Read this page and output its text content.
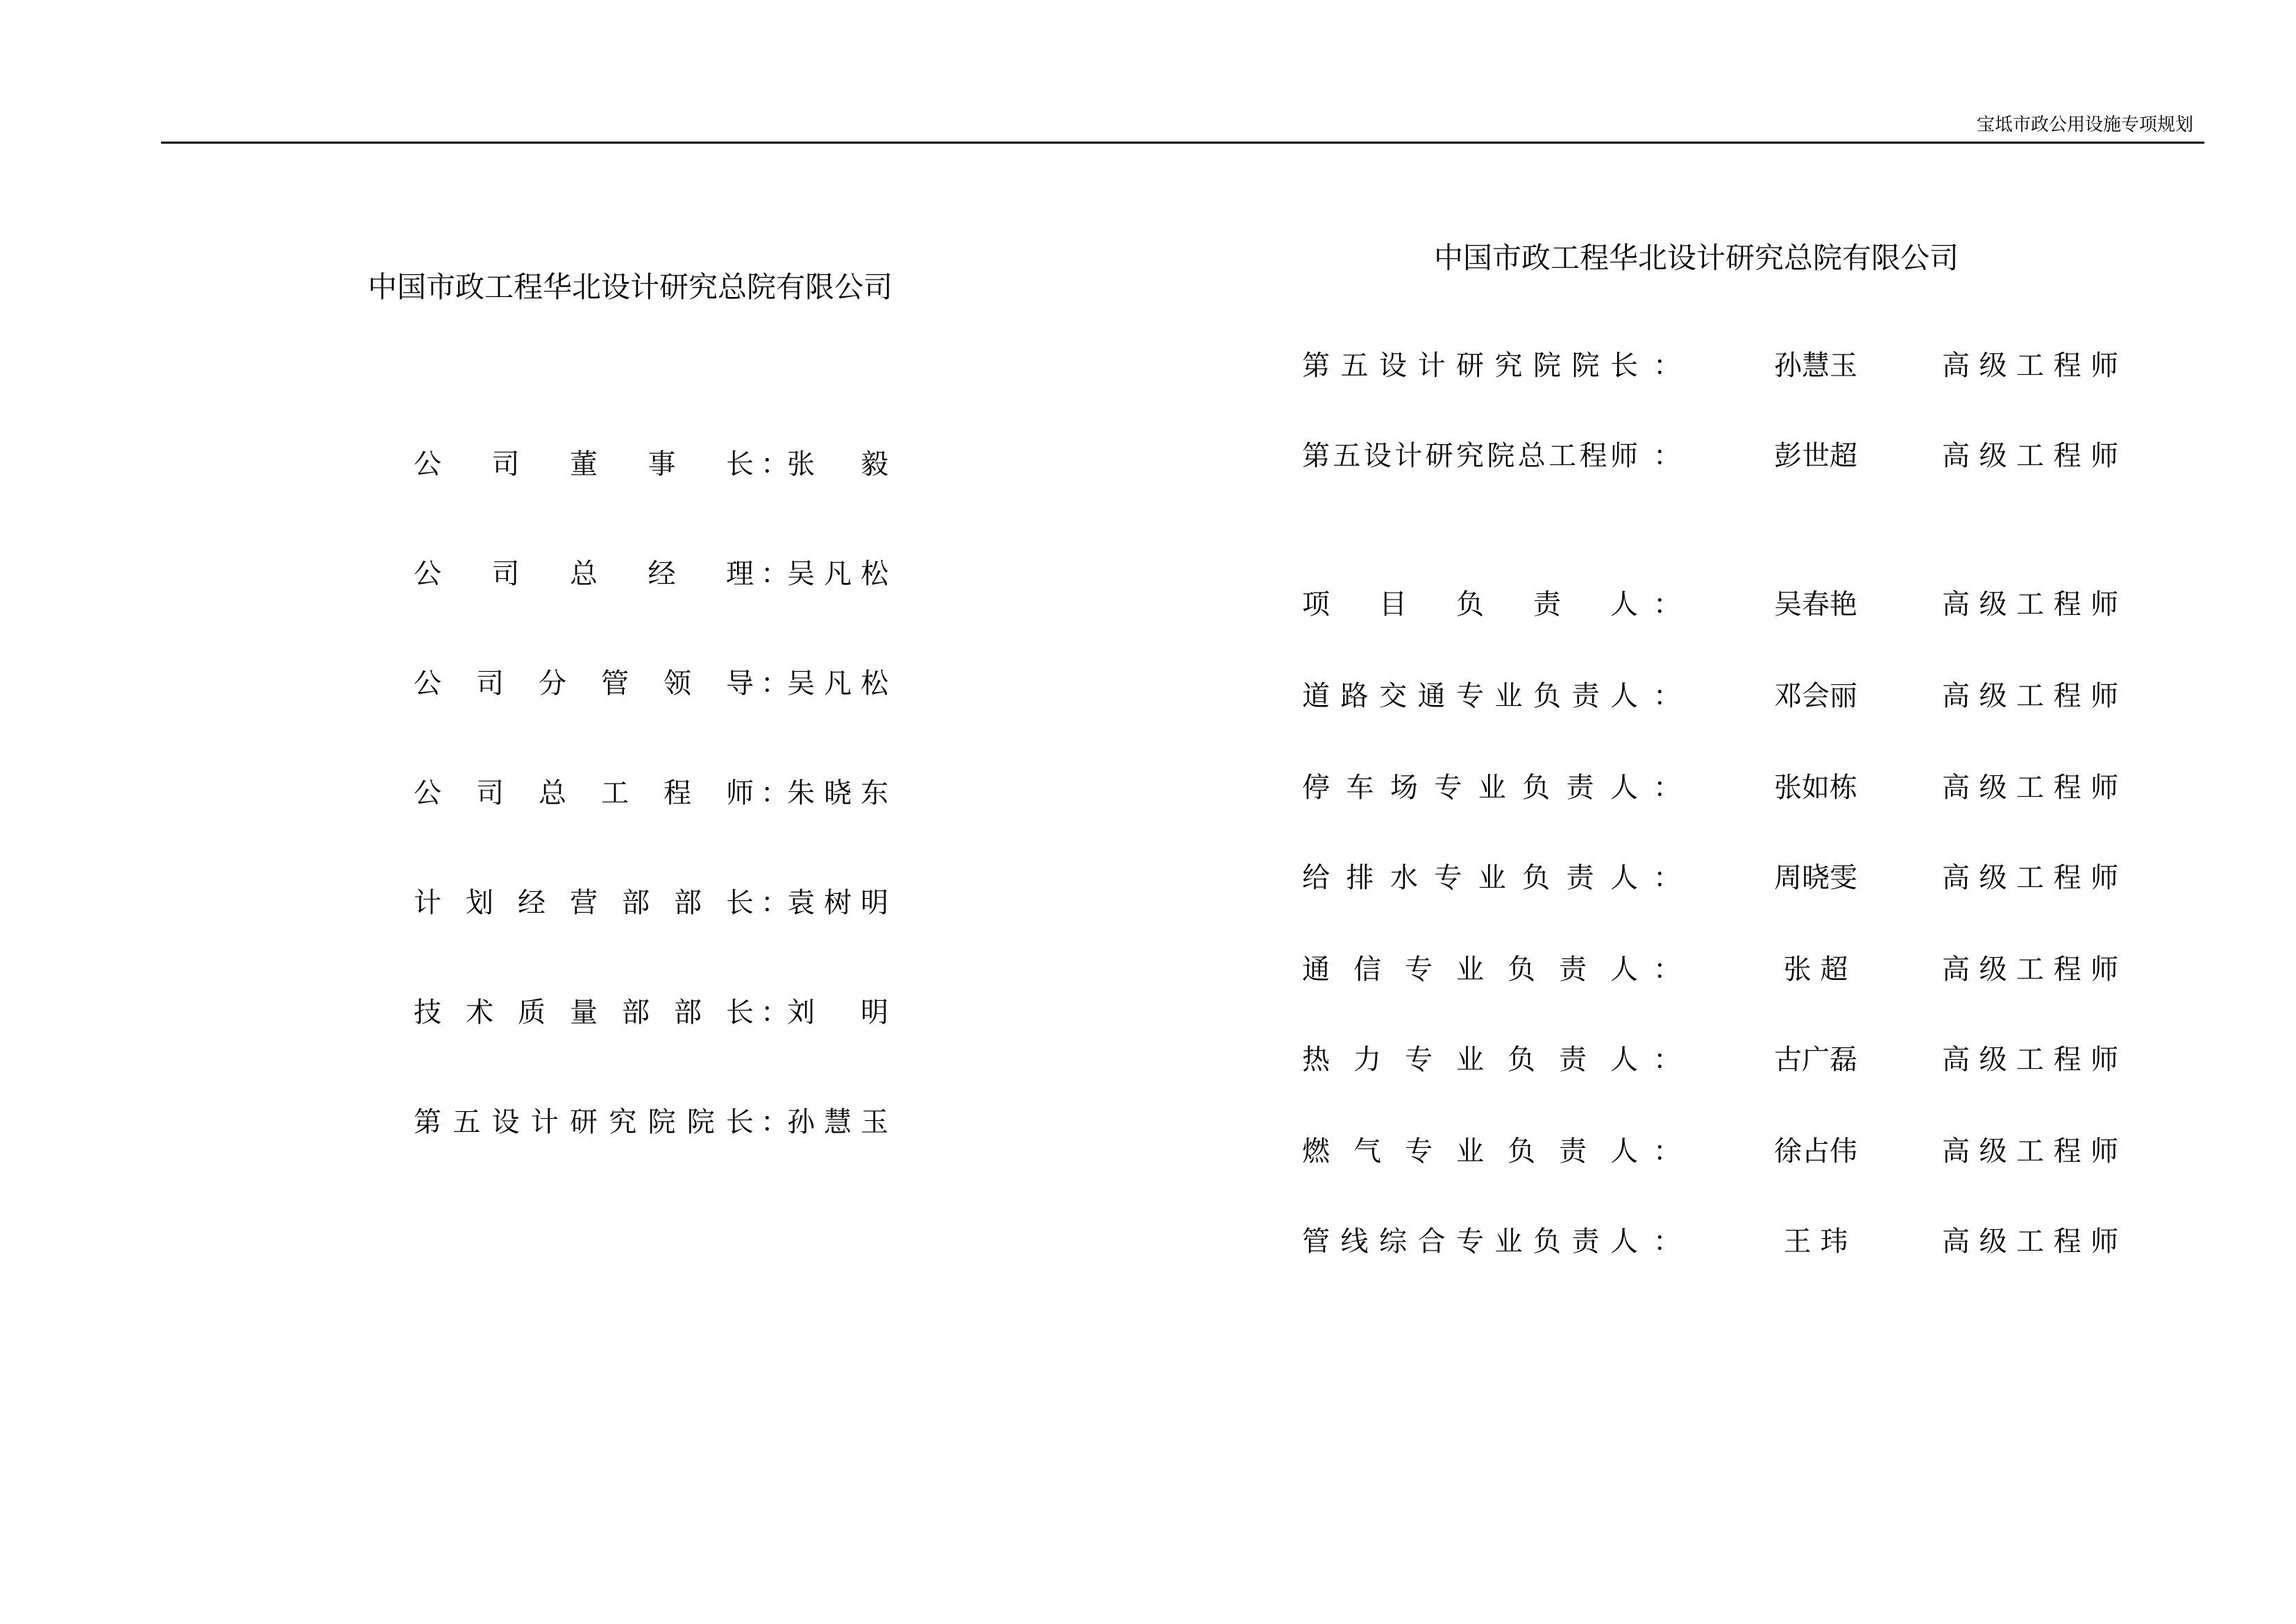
宝坻市政公用设施专项规划
中国市政工程华北设计研究总院有限公司
公 司 董 事 长 ：
张 毅
公 司 总 经 理 ：
吴 凡 松
公 司 分 管 领 导 ：
吴 凡 松
公 司 总 工 程 师 ：
朱 晓 东
计 划 经 营 部 部 长 ：
袁 树 明
技 术 质 量 部 部 长 ：
刘 明
第 五 设 计 研 究 院 院 长 ：
孙 慧 玉
中国市政工程华北设计研究总院有限公司
第 五 设 计 研 究 院 院 长 ：	孙慧玉	高 级 工 程 师
第 五 设 计 研 究 院 总 工 程 师 ：	彭世超	高 级 工 程 师
项 目 负 责 人 ：	吴春艳	高 级 工 程 师
道 路 交 通 专 业 负 责 人 ：	邓会丽	高 级 工 程 师
停 车 场 专 业 负 责 人 ：	张如栋	高 级 工 程 师
给 排 水 专 业 负 责 人 ：	周晓雯	高 级 工 程 师
通 信 专 业 负 责 人 ：	张 超	高 级 工 程 师
热 力 专 业 负 责 人 ：	古广磊	高 级 工 程 师
燃 气 专 业 负 责 人 ：	徐占伟	高 级 工 程 师
管 线 综 合 专 业 负 责 人 ：	王 玮	高 级 工 程 师
